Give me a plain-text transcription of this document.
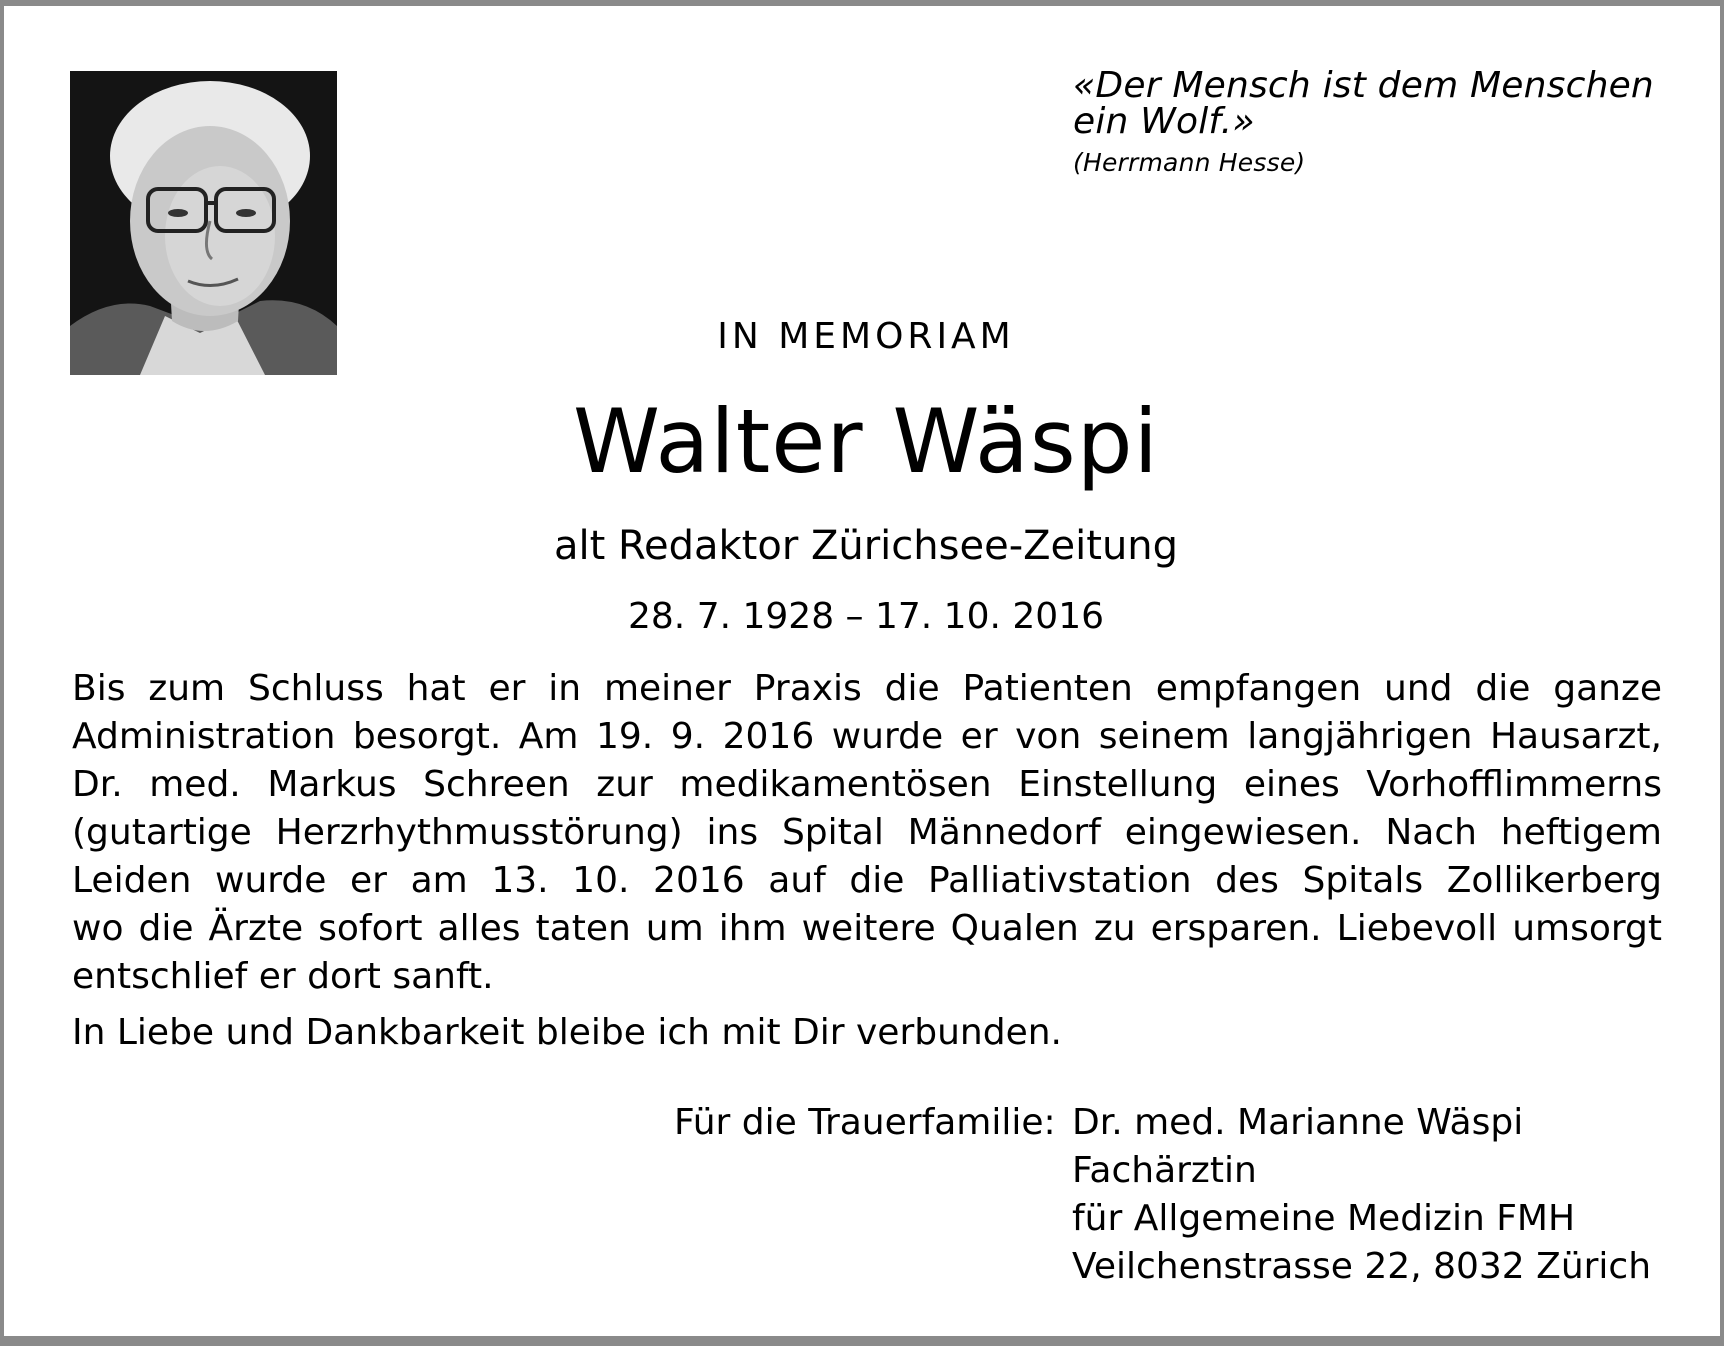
«Der Mensch ist dem Menschen
ein Wolf.»
(Herrmann Hesse)
IN MEMORIAM
Walter Wäspi
alt Redaktor Zürichsee-Zeitung
28. 7. 1928 – 17. 10. 2016
Bis zum Schluss hat er in meiner Praxis die Patienten empfangen und die ganze
Administration besorgt. Am 19. 9. 2016 wurde er von seinem langjährigen Hausarzt,
Dr. med. Markus Schreen zur medikamentösen Einstellung eines Vorhofflimmerns
(gutartige Herzrhythmusstörung) ins Spital Männedorf eingewiesen. Nach heftigem
Leiden wurde er am 13. 10. 2016 auf die Palliativstation des Spitals Zollikerberg
wo die Ärzte sofort alles taten um ihm weitere Qualen zu ersparen. Liebevoll umsorgt
entschlief er dort sanft.
In Liebe und Dankbarkeit bleibe ich mit Dir verbunden.
Für die Trauerfamilie: Dr. med. Marianne Wäspi
Fachärztin
für Allgemeine Medizin FMH
Veilchenstrasse 22, 8032 Zürich
